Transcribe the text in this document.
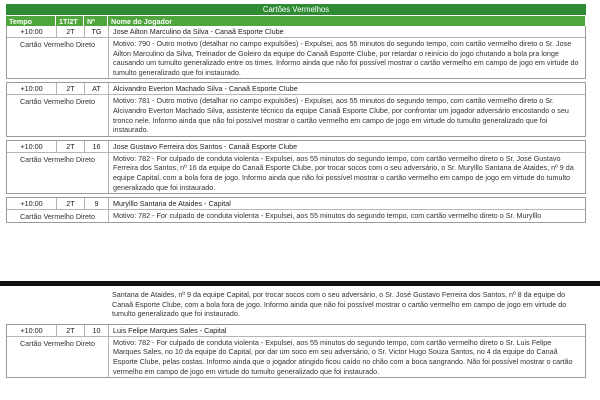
Cartões Vermelhos
Tempo	1T/2T	Nº	Nome do Jogador
+10:00	2T	TG	Jose Ailton Marculino da Silva - Canaã Esporte Clube
Cartão Vermelho Direto	Motivo: 790 - Outro motivo (detalhar no campo expulsões) - Expulsei, aos 55 minutos do segundo tempo, com cartão vermelho direto o Sr. Jose Ailton Marculino da Silva, Treinador de Goleiro da equipe do Canaã Esporte Clube, por retardar o reinício do jogo chutando a bola pra longe causando um tumulto generalizado entre os times. Informo ainda que não foi possível mostrar o cartão vermelho em campo de jogo em virtude do tumulto generalizado que foi instaurado.
+10:00	2T	AT	Alcivandro Everton Machado Silva - Canaã Esporte Clube
Cartão Vermelho Direto	Motivo: 781 - Outro motivo (detalhar no campo expulsões) - Expulsei, aos 55 minutos do segundo tempo, com cartão vermelho direto o Sr. Alcivandro Everton Machado Silva, assistente técnico da equipe Canaã Esporte Clube, por confrontar um jogador adversário encostando o seu tronco nele. Informo ainda que não foi possível mostrar o cartão vermelho em campo de jogo em virtude do tumulto generalizado que foi instaurado.
+10:00	2T	16	Jose Gustavo Ferreira dos Santos - Canaã Esporte Clube
Cartão Vermelho Direto	Motivo: 782 - For culpado de conduta violenta - Expulsei, aos 55 minutos do segundo tempo, com cartão vermelho direto o Sr. José Gustavo Ferreira dos Santos, nº 16 da equipe do Canaã Esporte Clube, por trocar socos com o seu adversário, o Sr. Murylllo Santana de Ataides, nº 9 da equipe Capital, com a bola fora de jogo. Informo ainda que não foi possível mostrar o cartão vermelho em campo de jogo em virtude do tumulto generalizado que foi instaurado.
+10:00	2T	9	Murylllo Santana de Ataides - Capital
Cartão Vermelho Direto	Motivo: 782 - For culpado de conduta violenta - Expulsei, aos 55 minutos do segundo tempo, com cartão vermelho direto o Sr. Murylllo
Santana de Ataides, nº 9 da equipe Capital, por trocar socos com o seu adversário, o Sr. José Gustavo Ferreira dos Santos, nº 8 da equipe do Canaã Esporte Clube, com a bola fora de jogo. Informo ainda que não foi possível mostrar o cartão vermelho em campo de jogo em virtude do tumulto generalizado que foi instaurado.
+10:00	2T	10	Luis Felipe Marques Sales - Capital
Cartão Vermelho Direto	Motivo: 782 - For culpado de conduta violenta - Expulsei, aos 55 minutos do segundo tempo, com cartão vermelho direto o Sr. Luis Felipe Marques Sales, no 10 da equipe do Capital, por dar um soco em seu adversário, o Sr. Victor Hugo Souza Santos, no 4 da equipe do Canaã Esporte Clube, pelas costas. Informo ainda que o jogador atingido ficou caído no chão com a boca sangrando. Não foi possível mostrar o cartão vermelho em campo de jogo em virtude do tumulto generalizado que foi instaurado.
